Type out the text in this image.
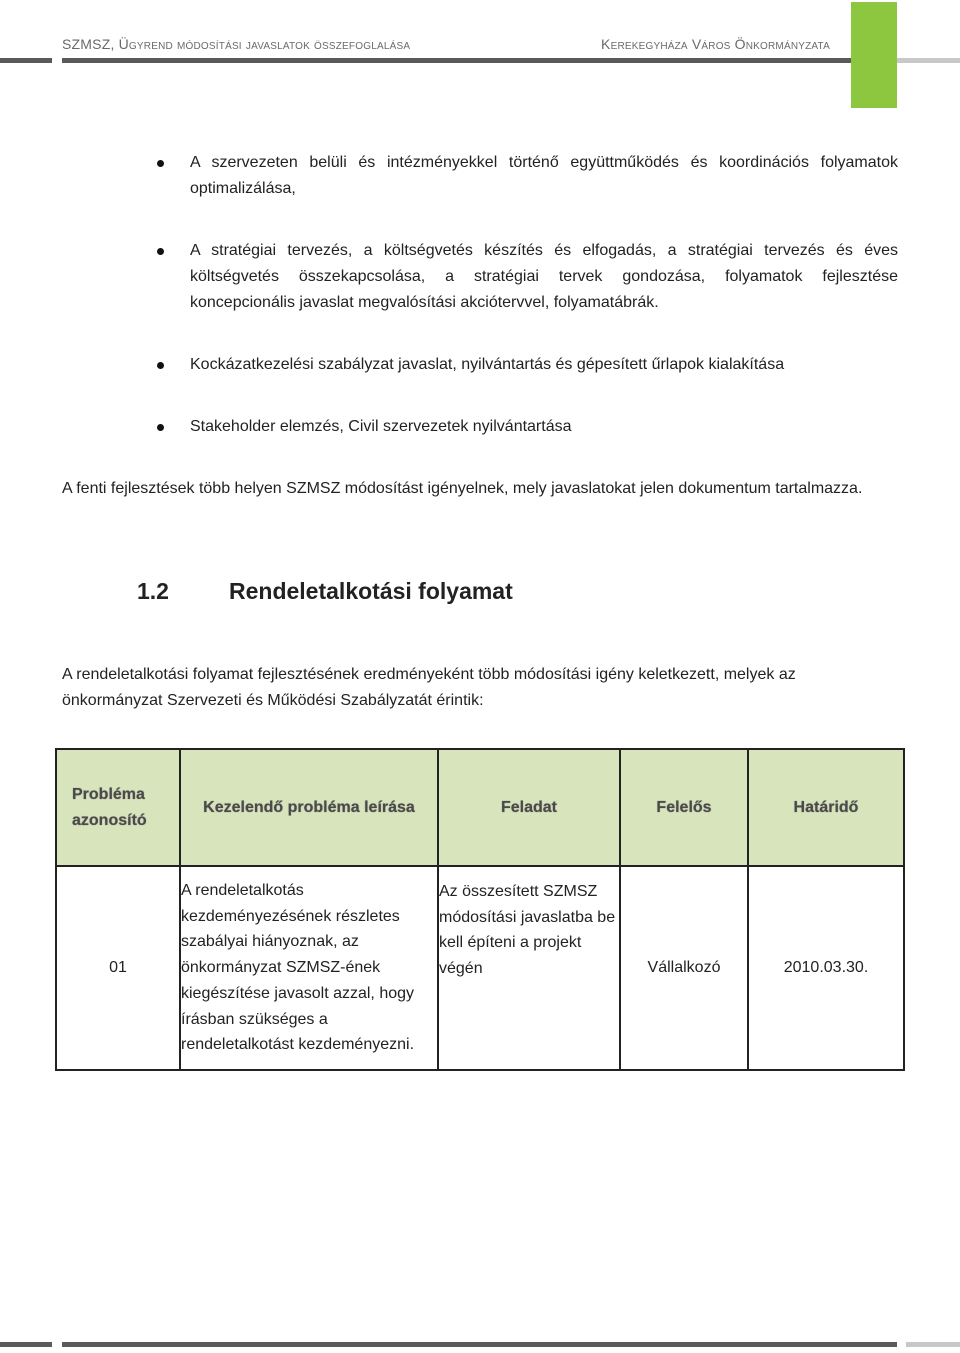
SZMSZ, Ügyrend módosítási javaslatok összefoglalása	Kerekegyháza Város Önkormányzata
A szervezeten belüli és intézményekkel történő együttműködés és koordinációs folyamatok optimalizálása,
A stratégiai tervezés, a költségvetés készítés és elfogadás, a stratégiai tervezés és éves költségvetés összekapcsolása, a stratégiai tervek gondozása, folyamatok fejlesztése koncepcionális javaslat megvalósítási akciótervvel, folyamatábrák.
Kockázatkezelési szabályzat javaslat, nyilvántartás és gépesített űrlapok kialakítása
Stakeholder elemzés, Civil szervezetek nyilvántartása
A fenti fejlesztések több helyen SZMSZ módosítást igényelnek, mely javaslatokat jelen dokumentum tartalmazza.
1.2	Rendeletalkotási folyamat
A rendeletalkotási folyamat fejlesztésének eredményeként több módosítási igény keletkezett, melyek az önkormányzat Szervezeti és Működési Szabályzatát érintik:
Probléma azonosító	Kezelendő probléma leírása	Feladat	Felelős	Határidő
01	A rendeletalkotás kezdeményezésének részletes szabályai hiányoznak, az önkormányzat SZMSZ-ének kiegészítése javasolt azzal, hogy írásban szükséges a rendeletalkotást kezdeményezni.	Az összesített SZMSZ módosítási javaslatba be kell építeni a projekt végén	Vállalkozó	2010.03.30.
